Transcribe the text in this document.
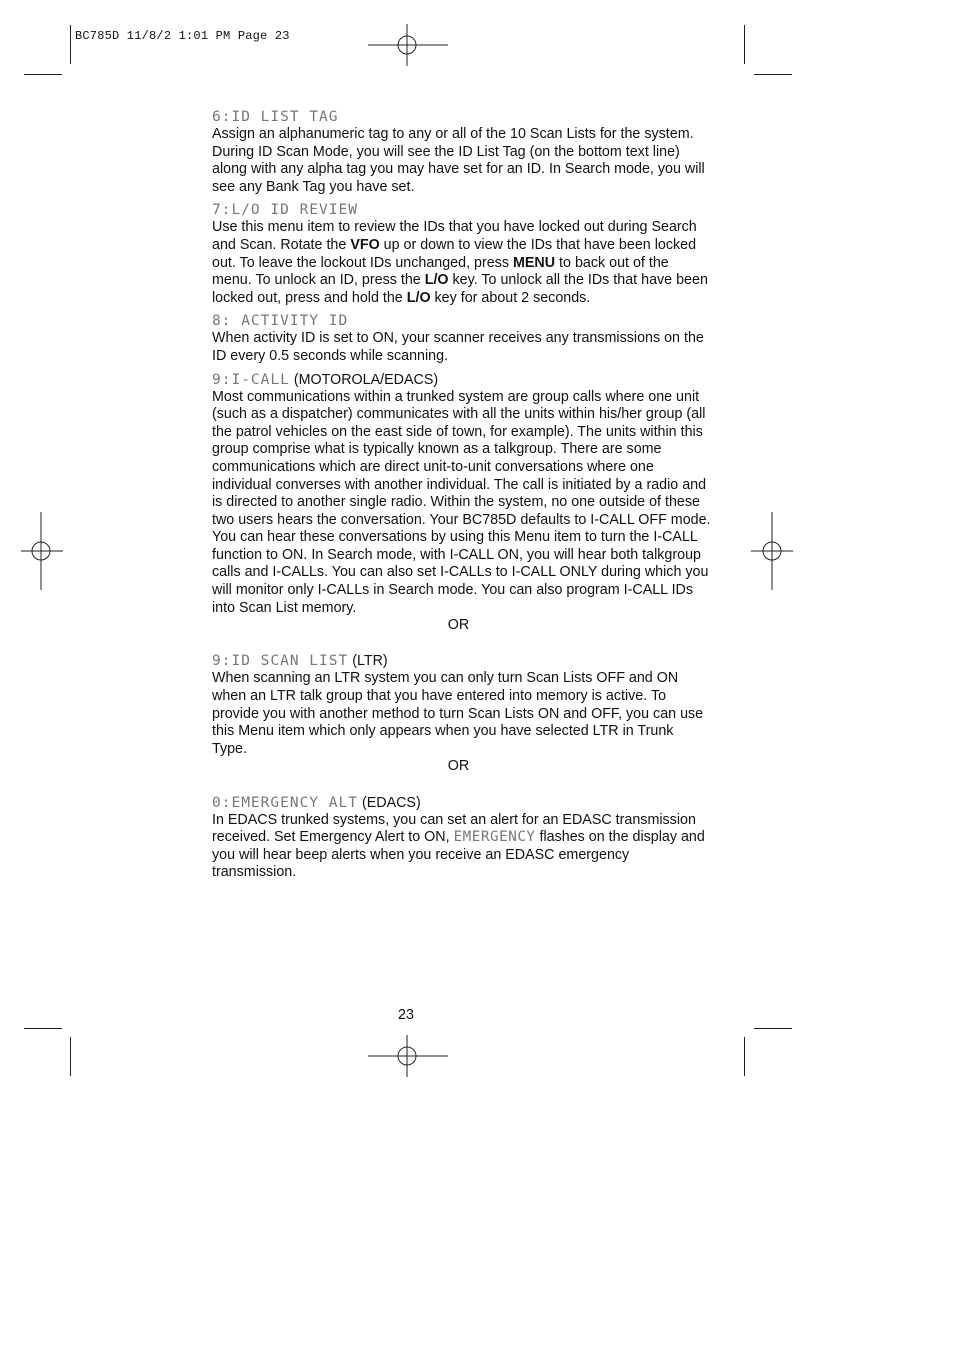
BC785D 11/8/2 1:01 PM Page 23
6:ID LIST TAG

Assign an alphanumeric tag to any or all of the 10 Scan Lists for the system. During ID Scan Mode, you will see the ID List Tag (on the bottom text line) along with any alpha tag you may have set for an ID. In Search mode, you will see any Bank Tag you have set.

7:L/O ID REVIEW

Use this menu item to review the IDs that you have locked out during Search and Scan. Rotate the VFO up or down to view the IDs that have been locked out. To leave the lockout IDs unchanged, press MENU to back out of the menu. To unlock an ID, press the L/O key. To unlock all the IDs that have been locked out, press and hold the L/O key for about 2 seconds.

8: ACTIVITY ID

When activity ID is set to ON, your scanner receives any transmissions on the ID every 0.5 seconds while scanning.

9:I-CALL (MOTOROLA/EDACS)

Most communications within a trunked system are group calls where one unit (such as a dispatcher) communicates with all the units within his/her group (all the patrol vehicles on the east side of town, for example). The units within this group comprise what is typically known as a talkgroup. There are some communications which are direct unit-to-unit conversations where one individual converses with another individual. The call is initiated by a radio and is directed to another single radio. Within the system, no one outside of these two users hears the conversation. Your BC785D defaults to I-CALL OFF mode. You can hear these conversations by using this Menu item to turn the I-CALL function to ON. In Search mode, with I-CALL ON, you will hear both talkgroup calls and I-CALLs. You can also set I-CALLs to I-CALL ONLY during which you will monitor only I-CALLs in Search mode. You can also program I-CALL IDs into Scan List memory.

OR

9:ID SCAN LIST (LTR)

When scanning an LTR system you can only turn Scan Lists OFF and ON when an LTR talk group that you have entered into memory is active. To provide you with another method to turn Scan Lists ON and OFF, you can use this Menu item which only appears when you have selected LTR in Trunk Type.

OR

0:EMERGENCY ALT (EDACS)

In EDACS trunked systems, you can set an alert for an EDASC transmission received. Set Emergency Alert to ON, EMERGENCY flashes on the display and you will hear beep alerts when you receive an EDASC emergency transmission.

23
